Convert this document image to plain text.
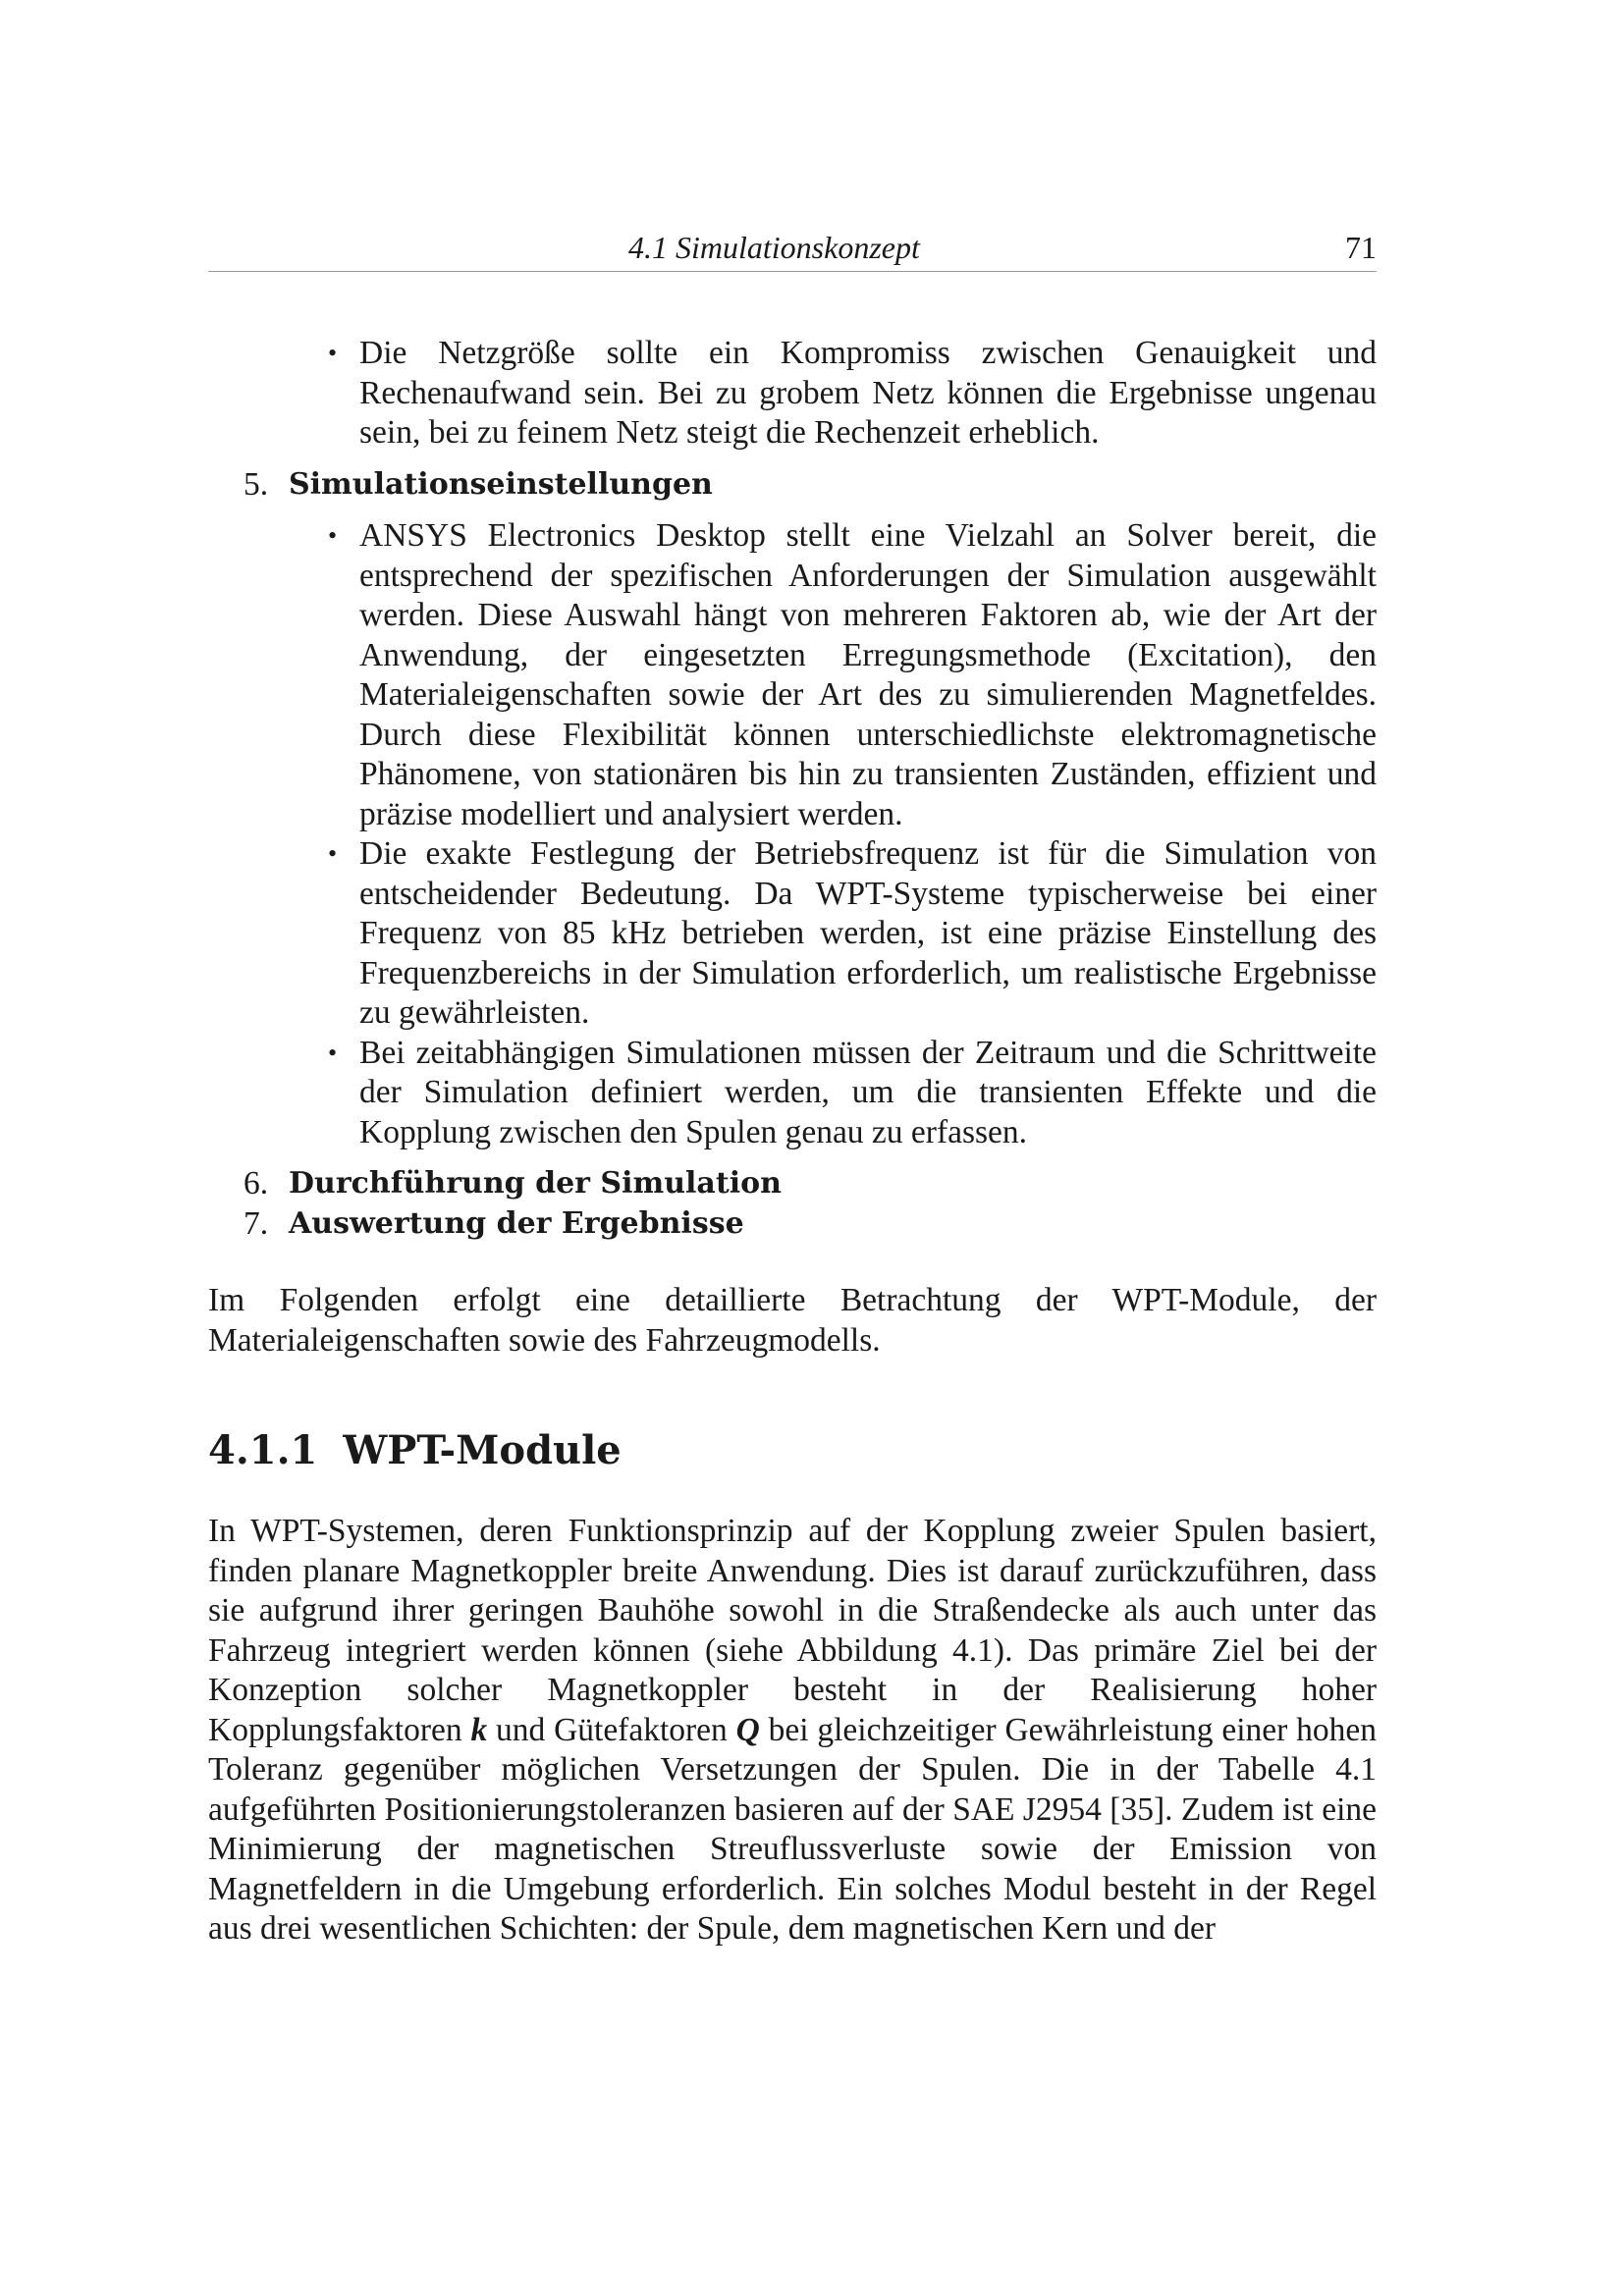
4.1 Simulationskonzept	71
• Die Netzgröße sollte ein Kompromiss zwischen Genauigkeit und Rechenaufwand sein. Bei zu grobem Netz können die Ergebnisse ungenau sein, bei zu feinem Netz steigt die Rechenzeit erheblich.
5. Simulationseinstellungen
• ANSYS Electronics Desktop stellt eine Vielzahl an Solver bereit, die entsprechend der spezifischen Anforderungen der Simulation ausgewählt werden. Diese Auswahl hängt von mehreren Faktoren ab, wie der Art der Anwendung, der eingesetzten Erregungsmethode (Excitation), den Materialeigenschaften sowie der Art des zu simulierenden Magnetfeldes. Durch diese Flexibilität können unterschiedlichste elektromagnetische Phänomene, von stationären bis hin zu transienten Zuständen, effizient und präzise modelliert und analysiert werden.
• Die exakte Festlegung der Betriebsfrequenz ist für die Simulation von entscheidender Bedeutung. Da WPT-Systeme typischerweise bei einer Frequenz von 85 kHz betrieben werden, ist eine präzise Einstellung des Frequenzbereichs in der Simulation erforderlich, um realistische Ergebnisse zu gewährleisten.
• Bei zeitabhängigen Simulationen müssen der Zeitraum und die Schrittweite der Simulation definiert werden, um die transienten Effekte und die Kopplung zwischen den Spulen genau zu erfassen.
6. Durchführung der Simulation
7. Auswertung der Ergebnisse

Im Folgenden erfolgt eine detaillierte Betrachtung der WPT-Module, der Materialeigenschaften sowie des Fahrzeugmodells.

4.1.1 WPT-Module

In WPT-Systemen, deren Funktionsprinzip auf der Kopplung zweier Spulen basiert, finden planare Magnetkoppler breite Anwendung. Dies ist darauf zurückzuführen, dass sie aufgrund ihrer geringen Bauhöhe sowohl in die Straßendecke als auch unter das Fahrzeug integriert werden können (siehe Abbildung 4.1). Das primäre Ziel bei der Konzeption solcher Magnetkoppler besteht in der Realisierung hoher Kopplungsfaktoren k und Gütefaktoren Q bei gleichzeitiger Gewährleistung einer hohen Toleranz gegenüber möglichen Versetzungen der Spulen. Die in der Tabelle 4.1 aufgeführten Positionierungstoleranzen basieren auf der SAE J2954 [35]. Zudem ist eine Minimierung der magnetischen Streuflussverluste sowie der Emission von Magnetfeldern in die Umgebung erforderlich. Ein solches Modul besteht in der Regel aus drei wesentlichen Schichten: der Spule, dem magnetischen Kern und der
